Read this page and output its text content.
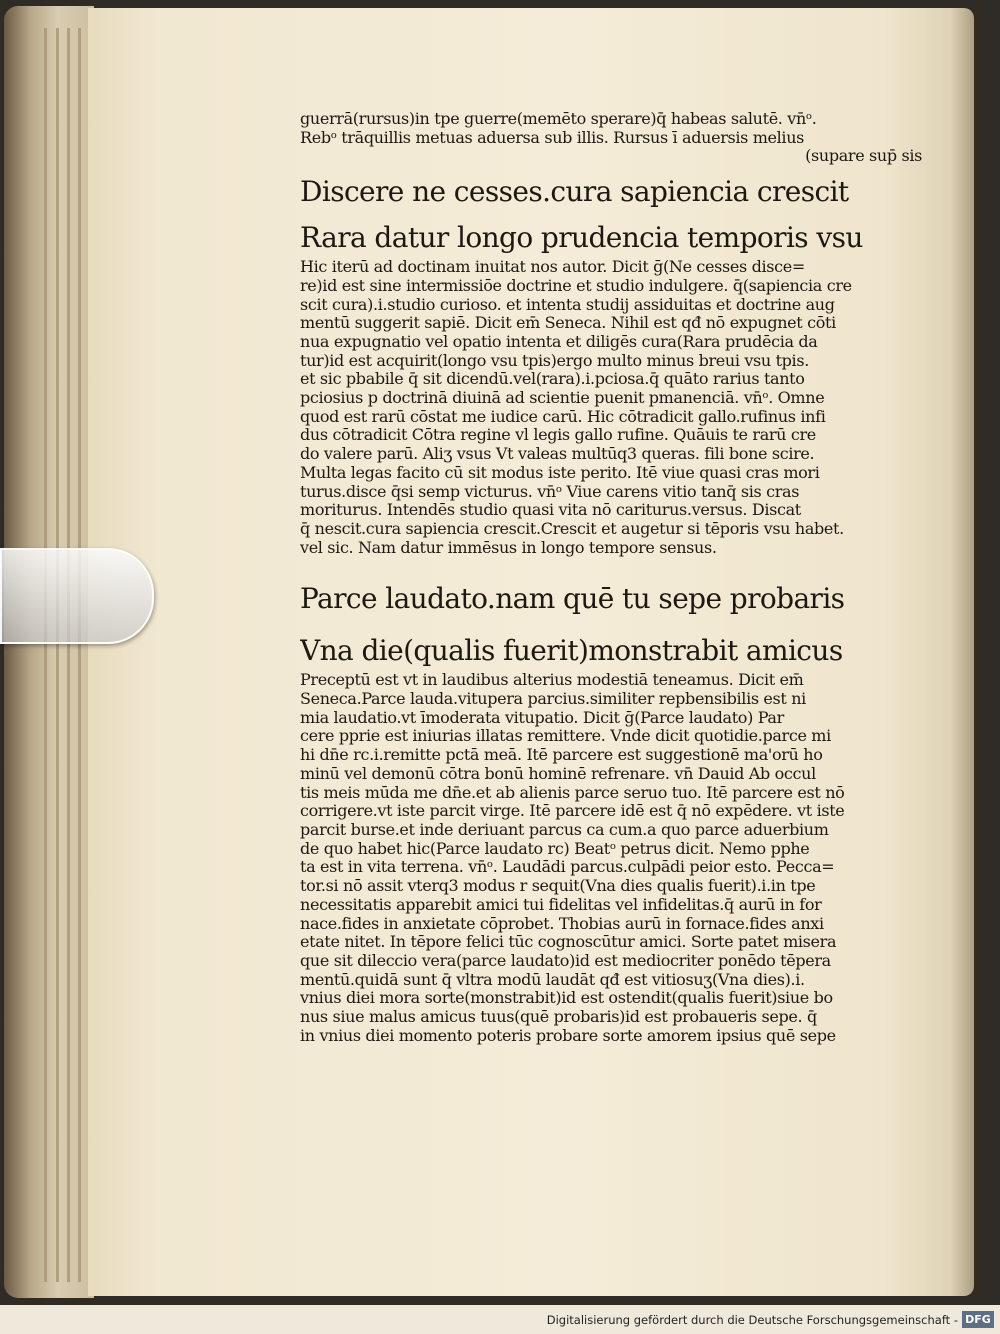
guerrā(rursus)in tpe guerre(memēto sperare)q̄ habeas salutē. vn̄ᵒ.
Rebᵒ trāquillis metuas aduersa sub illis. Rursus ī aduersis melius
(supare sup̄ sis
Discere ne cesses.cura sapiencia crescit
Rara datur longo prudencia temporis vsu
Hic iterū ad doctinam inuitat nos autor. Dicit ḡ(Ne cesses disce=
re)id est sine intermissiōe doctrine et studio indulgere. q̄(sapiencia cre
scit cura).i.studio curioso. et intenta studij assiduitas et doctrine aug
mentū suggerit sapiē. Dicit em̄ Seneca. Nihil est qđ nō expugnet cōti
nua expugnatio vel opatio intenta et diligēs cura(Rara prudēcia da
tur)id est acquirit(longo vsu tpis)ergo multo minus breui vsu tpis.
et sic pbabile q̄ sit dicendū.vel(rara).i.pciosa.q̄ quāto rarius tanto
pciosius p doctrinā diuinā ad scientie puenit pmanenciā. vn̄ᵒ. Omne
quod est rarū cōstat me iudice carū. Hic cōtradicit gallo.rufinus infi
dus cōtradicit Cōtra regine vl legis gallo rufine. Quāuis te rarū cre
do valere parū. Aliʒ vsus Vt valeas multūq3 queras. fili bone scire.
Multa legas facito cū sit modus iste perito. Itē viue quasi cras mori
turus.disce q̄si semp victurus. vn̄ᵒ Viue carens vitio tanq̄ sis cras
moriturus. Intendēs studio quasi vita nō cariturus.versus. Discat
q̄ nescit.cura sapiencia crescit.Crescit et augetur si tēporis vsu habet.
vel sic. Nam datur immēsus in longo tempore sensus.
Parce laudato.nam quē tu sepe probaris
Vna die(qualis fuerit)monstrabit amicus
Preceptū est vt in laudibus alterius modestiā teneamus. Dicit em̄
Seneca.Parce lauda.vitupera parcius.similiter repbensibilis est ni
mia laudatio.vt īmoderata vitupatio. Dicit ḡ(Parce laudato) Par
cere pprie est iniurias illatas remittere. Vnde dicit quotidie.parce mi
hi dn̄e rc.i.remitte pctā meā. Itē parcere est suggestionē ma'orū ho
minū vel demonū cōtra bonū hominē refrenare. vn̄ Dauid Ab occul
tis meis mūda me dn̄e.et ab alienis parce seruo tuo. Itē parcere est nō
corrigere.vt iste parcit virge. Itē parcere idē est q̄ nō expēdere. vt iste
parcit burse.et inde deriuant parcus ca cum.a quo parce aduerbium
de quo habet hic(Parce laudato rc) Beatᵒ petrus dicit. Nemo pphe
ta est in vita terrena. vn̄ᵒ. Laudādi parcus.culpādi peior esto. Pecca=
tor.si nō assit vterq3 modus r sequit(Vna dies qualis fuerit).i.in tpe
necessitatis apparebit amici tui fidelitas vel infidelitas.q̄ aurū in for
nace.fides in anxietate cōprobet. Thobias aurū in fornace.fides anxi
etate nitet. In tēpore felici tūc cognoscūtur amici. Sorte patet misera
que sit dileccio vera(parce laudato)id est mediocriter ponēdo tēpera
mentū.quidā sunt q̄ vltra modū laudāt qđ est vitiosuʒ(Vna dies).i.
vnius diei mora sorte(monstrabit)id est ostendit(qualis fuerit)siue bo
nus siue malus amicus tuus(quē probaris)id est probaueris sepe. q̄
in vnius diei momento poteris probare sorte amorem ipsius quē sepe
Digitalisierung gefördert durch die Deutsche Forschungsgemeinschaft - DFG
